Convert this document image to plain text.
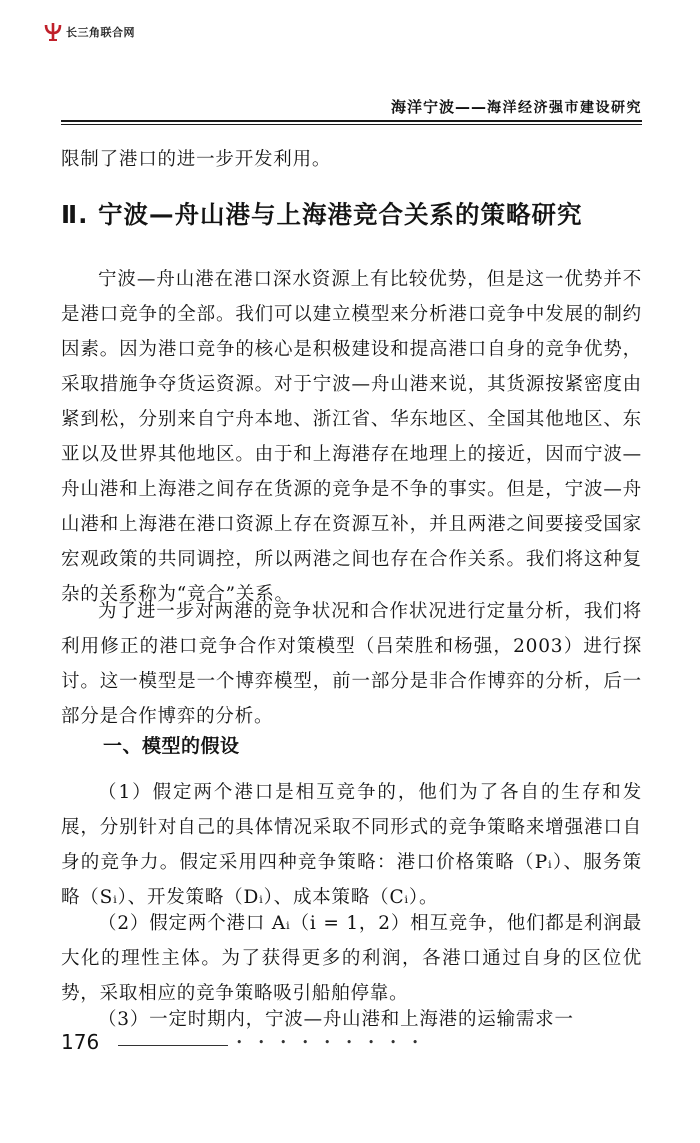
长三角联合网
海洋宁波——海洋经济强市建设研究
限制了港口的进一步开发利用。
Ⅱ. 宁波—舟山港与上海港竞合关系的策略研究
宁波—舟山港在港口深水资源上有比较优势，但是这一优势并不是港口竞争的全部。我们可以建立模型来分析港口竞争中发展的制约因素。因为港口竞争的核心是积极建设和提高港口自身的竞争优势，采取措施争夺货运资源。对于宁波—舟山港来说，其货源按紧密度由紧到松，分别来自宁舟本地、浙江省、华东地区、全国其他地区、东亚以及世界其他地区。由于和上海港存在地理上的接近，因而宁波—舟山港和上海港之间存在货源的竞争是不争的事实。但是，宁波—舟山港和上海港在港口资源上存在资源互补，并且两港之间要接受国家宏观政策的共同调控，所以两港之间也存在合作关系。我们将这种复杂的关系称为“竞合”关系。
为了进一步对两港的竞争状况和合作状况进行定量分析，我们将利用修正的港口竞争合作对策模型（吕荣胜和杨强，2003）进行探讨。这一模型是一个博弈模型，前一部分是非合作博弈的分析，后一部分是合作博弈的分析。
一、模型的假设
（1）假定两个港口是相互竞争的，他们为了各自的生存和发展，分别针对自己的具体情况采取不同形式的竞争策略来增强港口自身的竞争力。假定采用四种竞争策略：港口价格策略（Pᵢ）、服务策略（Sᵢ）、开发策略（Dᵢ）、成本策略（Cᵢ）。
（2）假定两个港口 Aᵢ（i = 1，2）相互竞争，他们都是利润最大化的理性主体。为了获得更多的利润，各港口通过自身的区位优势，采取相应的竞争策略吸引船舶停靠。
（3）一定时期内，宁波—舟山港和上海港的运输需求一
176	• • • • • • • • •
